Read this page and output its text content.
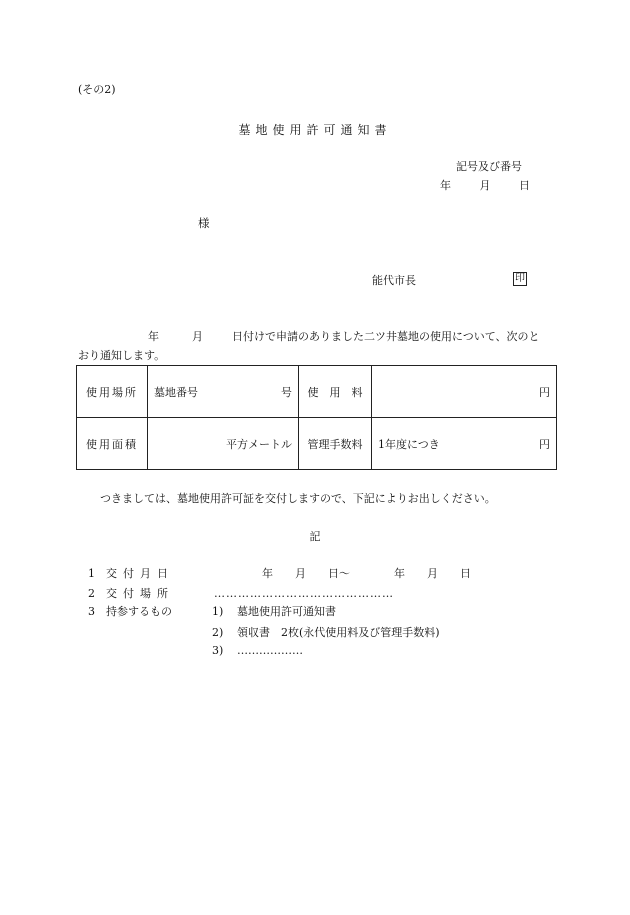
(その2)
墓地使用許可通知書
記号及び番号
年	月	日
様
能代市長	印
年	月	日付けで申請のありました二ツ井墓地の使用について、次のと
おり通知します。
使用場所	墓地番号 号	使　用　料	円
使用面積	平方メートル	管理手数料	1年度につき 円
つきましては、墓地使用許可証を交付しますので、下記によりお出しください。
記
1 交付月日	年　　月　　日～　　　　年　　月　　日
2 交付場所	………………………………………
3 持参するもの	1) 墓地使用許可通知書
2) 領収書　2枚(永代使用料及び管理手数料)
3) ………………
